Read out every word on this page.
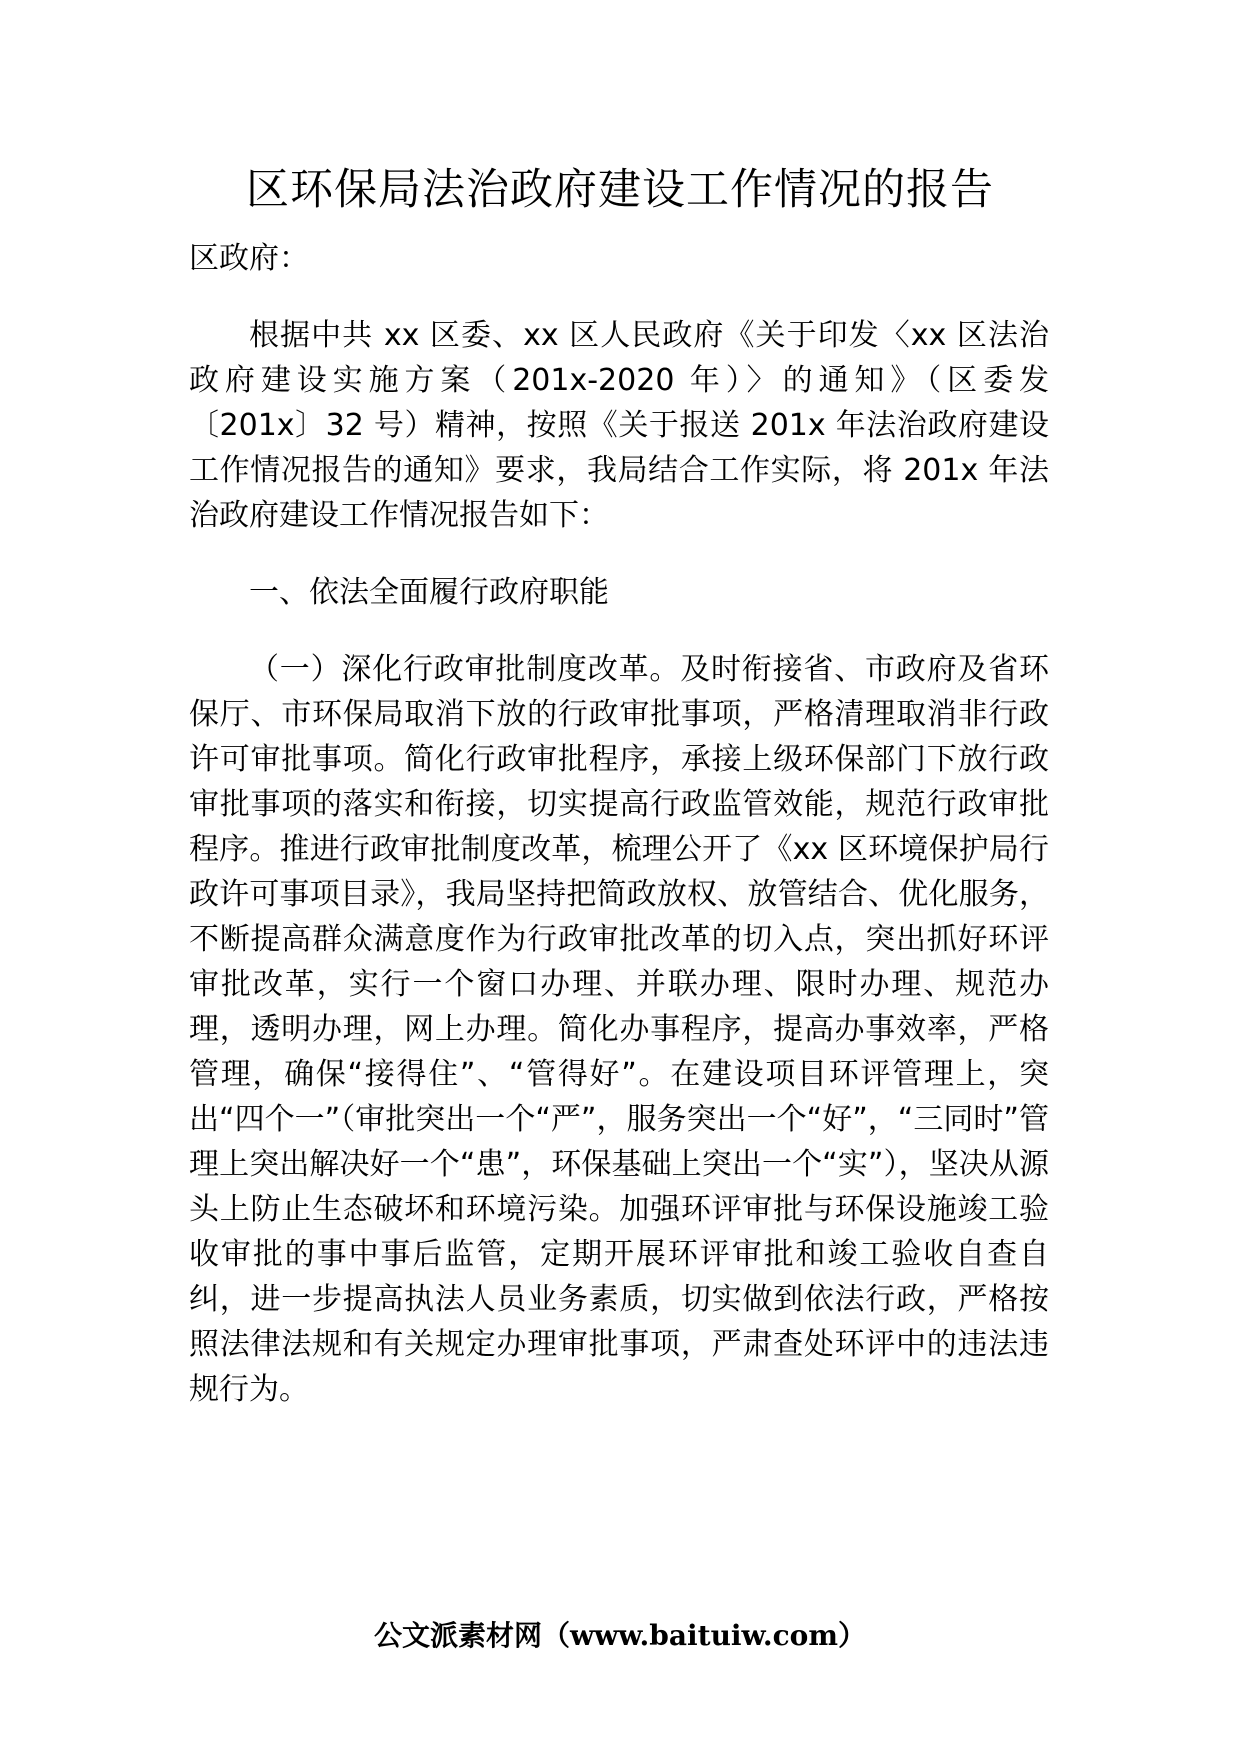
区环保局法治政府建设工作情况的报告

区政府：

根据中共 xx 区委、xx 区人民政府《关于印发〈xx 区法治政府建设实施方案（201x-2020 年）〉的通知》（区委发〔201x〕32 号）精神，按照《关于报送 201x 年法治政府建设工作情况报告的通知》要求，我局结合工作实际，将 201x 年法治政府建设工作情况报告如下：

一、依法全面履行政府职能

（一）深化行政审批制度改革。及时衔接省、市政府及省环保厅、市环保局取消下放的行政审批事项，严格清理取消非行政许可审批事项。简化行政审批程序，承接上级环保部门下放行政审批事项的落实和衔接，切实提高行政监管效能，规范行政审批程序。推进行政审批制度改革，梳理公开了《xx 区环境保护局行政许可事项目录》，我局坚持把简政放权、放管结合、优化服务，不断提高群众满意度作为行政审批改革的切入点，突出抓好环评审批改革，实行一个窗口办理、并联办理、限时办理、规范办理，透明办理，网上办理。简化办事程序，提高办事效率，严格管理，确保“接得住”、“管得好”。在建设项目环评管理上，突出“四个一”（审批突出一个“严”，服务突出一个“好”，“三同时”管理上突出解决好一个“患”，环保基础上突出一个“实”），坚决从源头上防止生态破坏和环境污染。加强环评审批与环保设施竣工验收审批的事中事后监管，定期开展环评审批和竣工验收自查自纠，进一步提高执法人员业务素质，切实做到依法行政，严格按照法律法规和有关规定办理审批事项，严肃查处环评中的违法违规行为。

公文派素材网（www.baituiw.com）
